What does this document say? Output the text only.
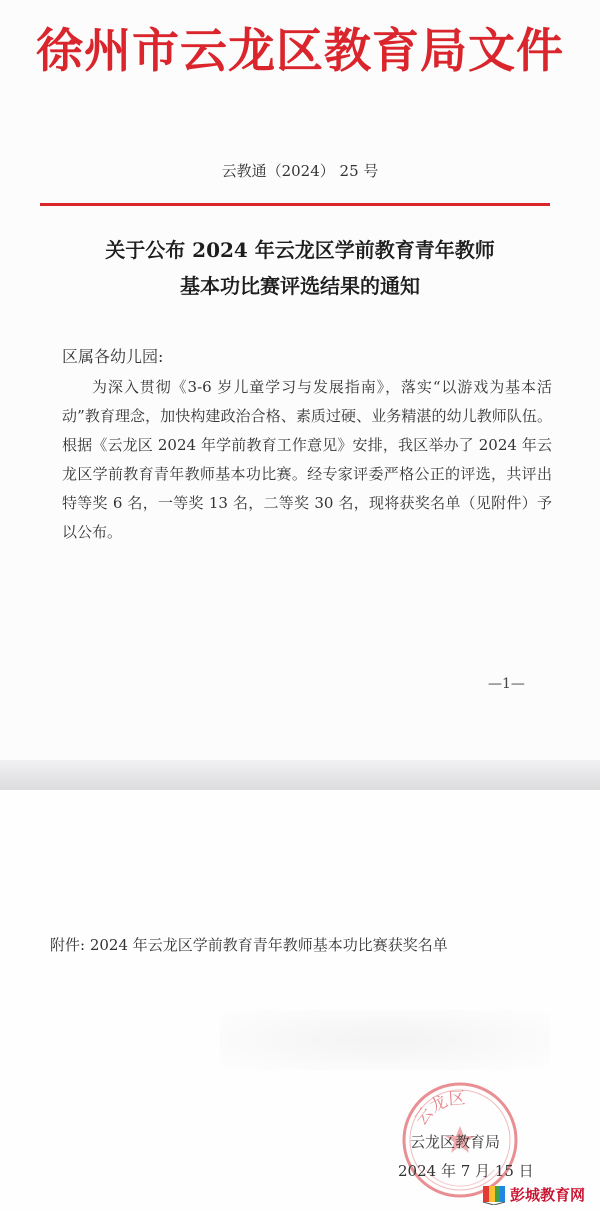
徐州市云龙区教育局文件
云教通（2024） 25 号
关于公布 2024 年云龙区学前教育青年教师
基本功比赛评选结果的通知
区属各幼儿园:
为深入贯彻《3-6 岁儿童学习与发展指南》，落实“以游戏为基本活动”教育理念，加快构建政治合格、素质过硬、业务精湛的幼儿教师队伍。根据《云龙区 2024 年学前教育工作意见》安排，我区举办了 2024 年云龙区学前教育青年教师基本功比赛。经专家评委严格公正的评选，共评出特等奖 6 名，一等奖 13 名，二等奖 30 名，现将获奖名单（见附件）予以公布。
—1—
附件: 2024 年云龙区学前教育青年教师基本功比赛获奖名单
云龙区
云龙区教育局
2024 年 7 月 15 日
彭城教育网
